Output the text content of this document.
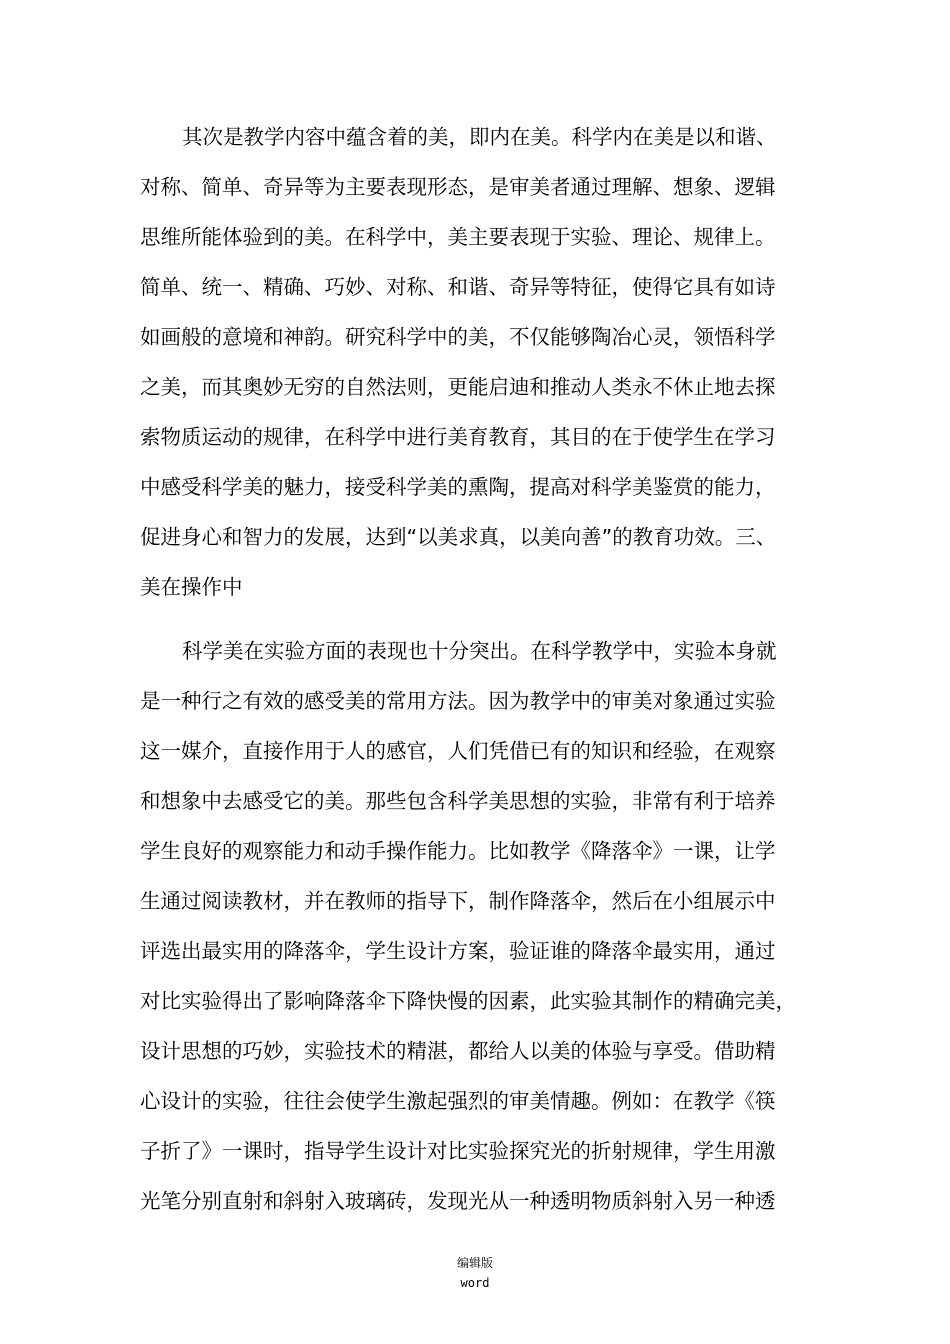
其次是教学内容中蕴含着的美，即内在美。科学内在美是以和谐、
对称、简单、奇异等为主要表现形态，是审美者通过理解、想象、逻辑
思维所能体验到的美。在科学中，美主要表现于实验、理论、规律上。
简单、统一、精确、巧妙、对称、和谐、奇异等特征，使得它具有如诗
如画般的意境和神韵。研究科学中的美，不仅能够陶冶心灵，领悟科学
之美，而其奥妙无穷的自然法则，更能启迪和推动人类永不休止地去探
索物质运动的规律，在科学中进行美育教育，其目的在于使学生在学习
中感受科学美的魅力，接受科学美的熏陶，提高对科学美鉴赏的能力，
促进身心和智力的发展，达到“以美求真，以美向善”的教育功效。三、
美在操作中
科学美在实验方面的表现也十分突出。在科学教学中，实验本身就
是一种行之有效的感受美的常用方法。因为教学中的审美对象通过实验
这一媒介，直接作用于人的感官，人们凭借已有的知识和经验，在观察
和想象中去感受它的美。那些包含科学美思想的实验，非常有利于培养
学生良好的观察能力和动手操作能力。比如教学《降落伞》一课，让学
生通过阅读教材，并在教师的指导下，制作降落伞，然后在小组展示中
评选出最实用的降落伞，学生设计方案，验证谁的降落伞最实用，通过
对比实验得出了影响降落伞下降快慢的因素，此实验其制作的精确完美，
设计思想的巧妙，实验技术的精湛，都给人以美的体验与享受。借助精
心设计的实验，往往会使学生激起强烈的审美情趣。例如：在教学《筷
子折了》一课时，指导学生设计对比实验探究光的折射规律，学生用激
光笔分别直射和斜射入玻璃砖，发现光从一种透明物质斜射入另一种透
编辑版
word
